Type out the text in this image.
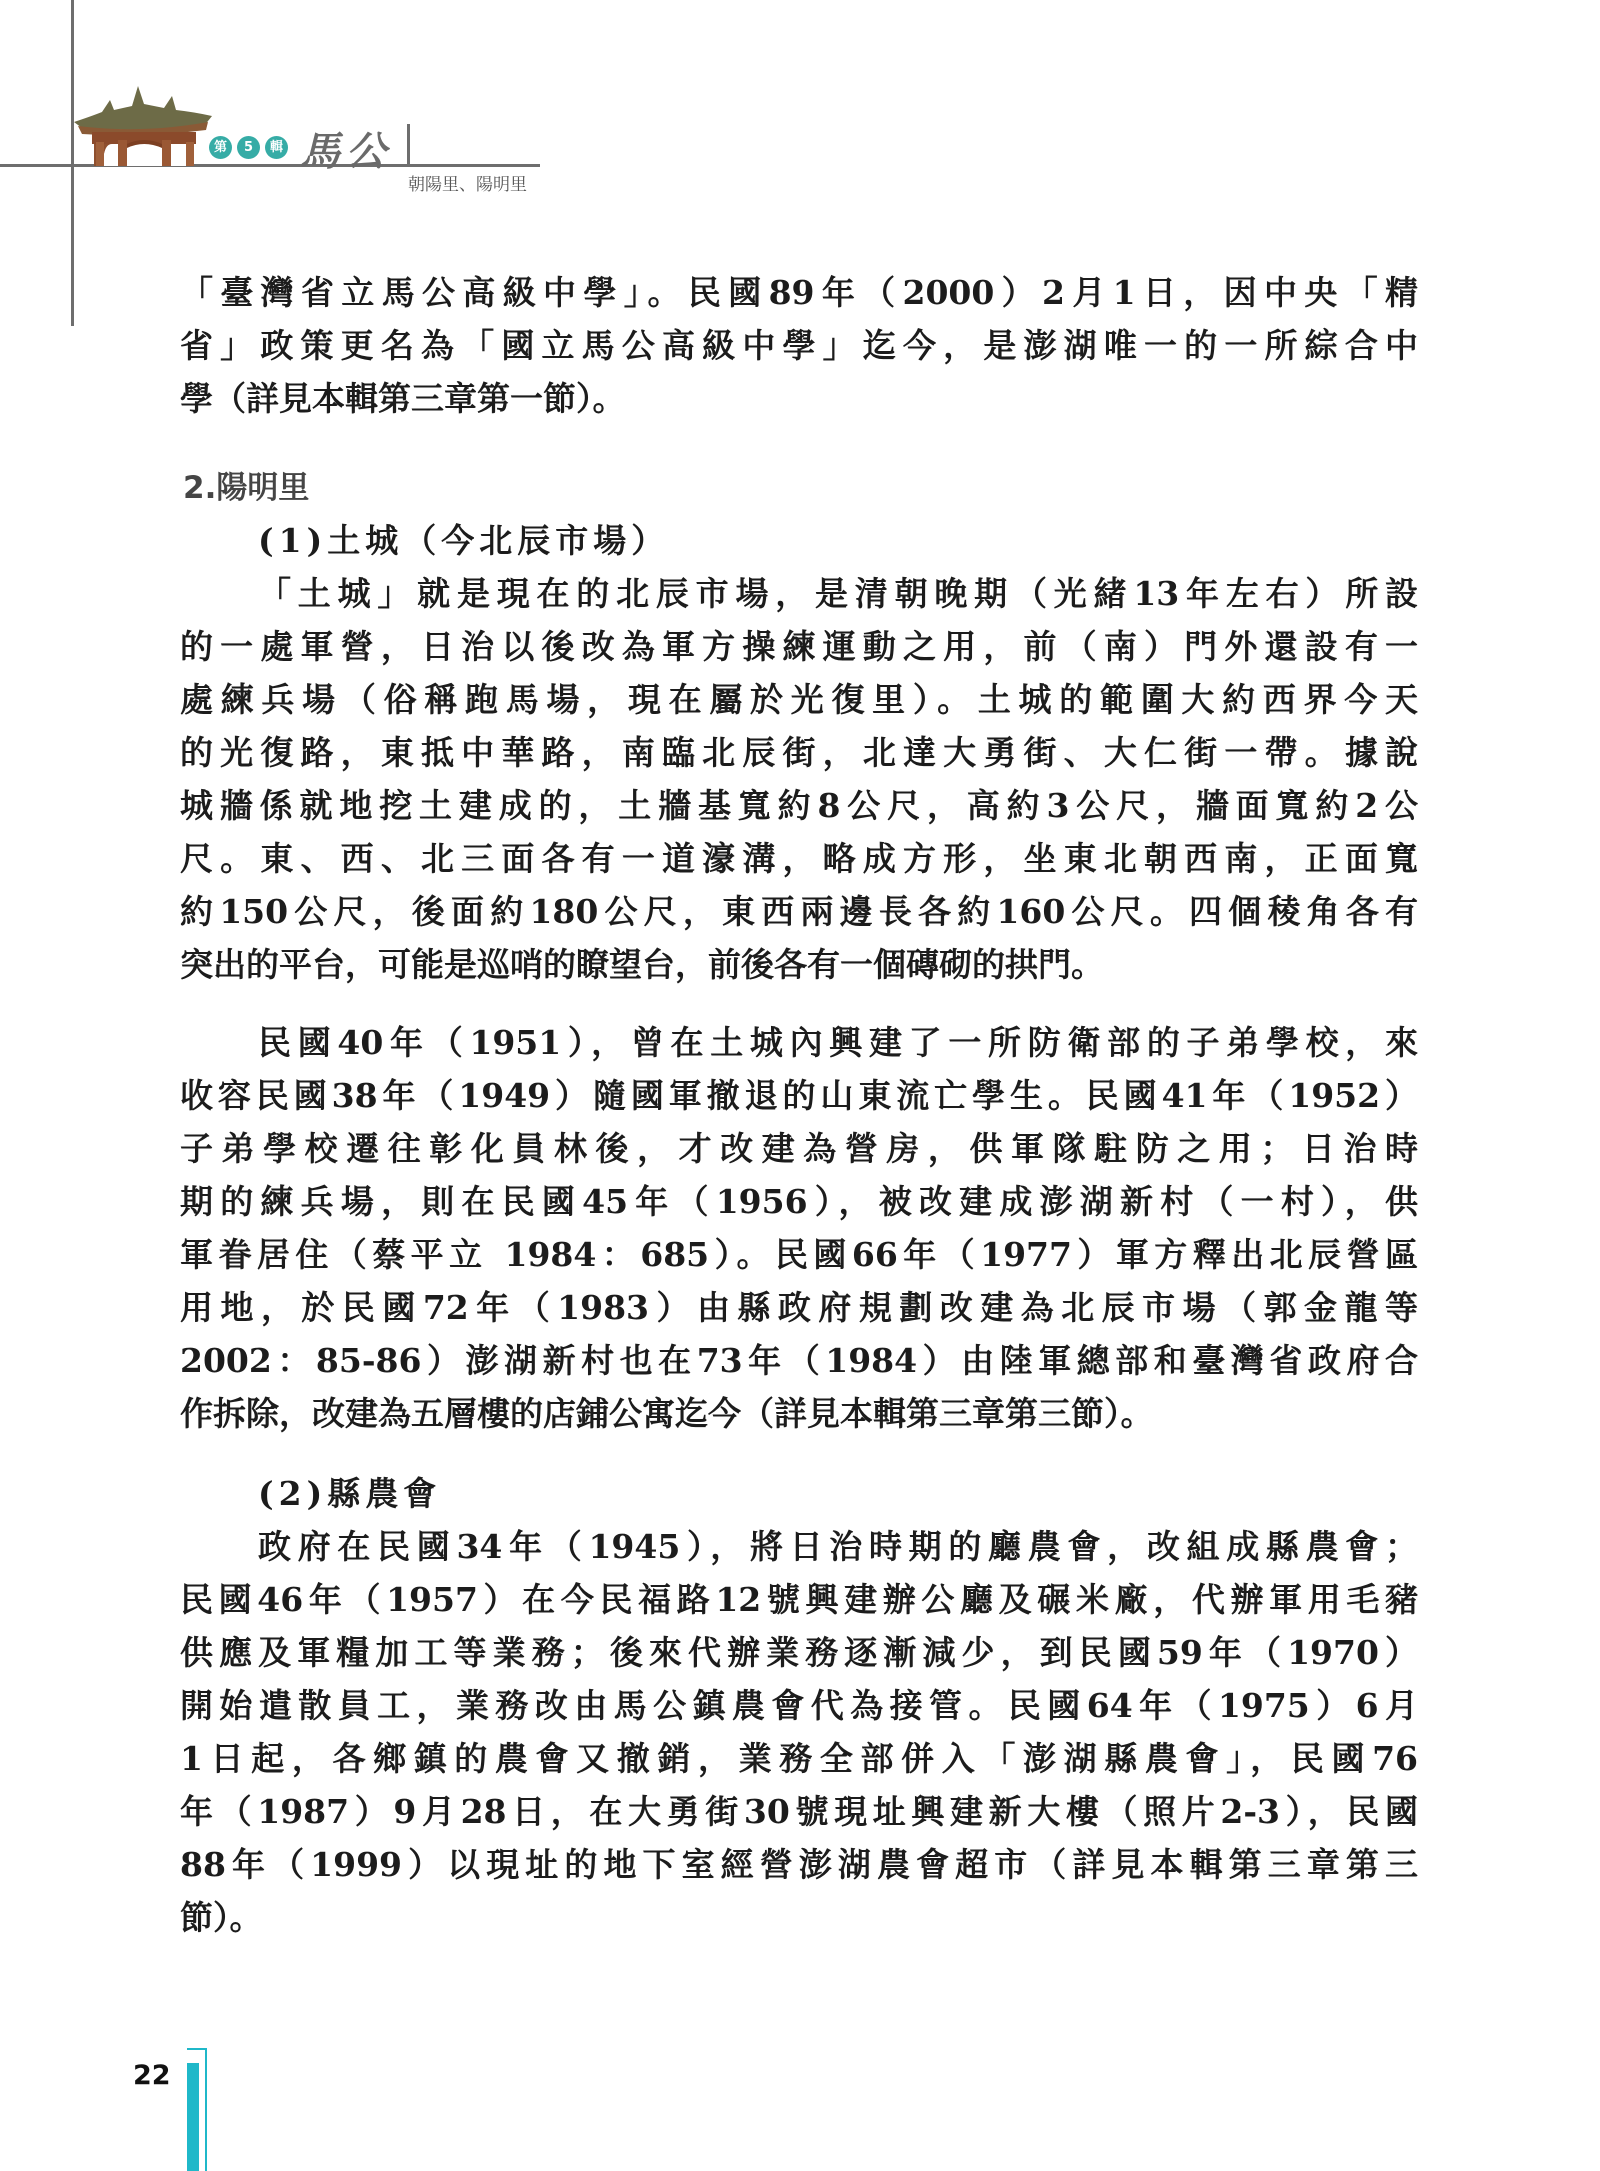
第	5	輯 馬公
朝陽里、陽明里
「臺灣省立馬公高級中學」。民國89年（2000）2月1日，因中央「精
省」政策更名為「國立馬公高級中學」迄今，是澎湖唯一的一所綜合中
學（詳見本輯第三章第一節）。
2.陽明里
(1)土城（今北辰市場）
「土城」就是現在的北辰市場，是清朝晚期（光緒13年左右）所設
的一處軍營，日治以後改為軍方操練運動之用，前（南）門外還設有一
處練兵場（俗稱跑馬場，現在屬於光復里）。土城的範圍大約西界今天
的光復路，東抵中華路，南臨北辰街，北達大勇街、大仁街一帶。據說
城牆係就地挖土建成的，土牆基寬約8公尺，高約3公尺，牆面寬約2公
尺。東、西、北三面各有一道濠溝，略成方形，坐東北朝西南，正面寬
約150公尺，後面約180公尺，東西兩邊長各約160公尺。四個稜角各有
突出的平台，可能是巡哨的瞭望台，前後各有一個磚砌的拱門。
民國40年（1951），曾在土城內興建了一所防衛部的子弟學校，來
收容民國38年（1949）隨國軍撤退的山東流亡學生。民國41年（1952）
子弟學校遷往彰化員林後，才改建為營房，供軍隊駐防之用；日治時
期的練兵場，則在民國45年（1956），被改建成澎湖新村（一村），供
軍眷居住（蔡平立 1984：685）。民國66年（1977）軍方釋出北辰營區
用地，於民國72年（1983）由縣政府規劃改建為北辰市場（郭金龍等
2002：85-86）澎湖新村也在73年（1984）由陸軍總部和臺灣省政府合
作拆除，改建為五層樓的店鋪公寓迄今（詳見本輯第三章第三節）。
(2)縣農會
政府在民國34年（1945），將日治時期的廳農會，改組成縣農會；
民國46年（1957）在今民福路12號興建辦公廳及碾米廠，代辦軍用毛豬
供應及軍糧加工等業務；後來代辦業務逐漸減少，到民國59年（1970）
開始遣散員工，業務改由馬公鎮農會代為接管。民國64年（1975）6月
1日起，各鄉鎮的農會又撤銷，業務全部併入「澎湖縣農會」，民國76
年（1987）9月28日，在大勇街30號現址興建新大樓（照片2-3），民國
88年（1999）以現址的地下室經營澎湖農會超市（詳見本輯第三章第三
節）。
22
